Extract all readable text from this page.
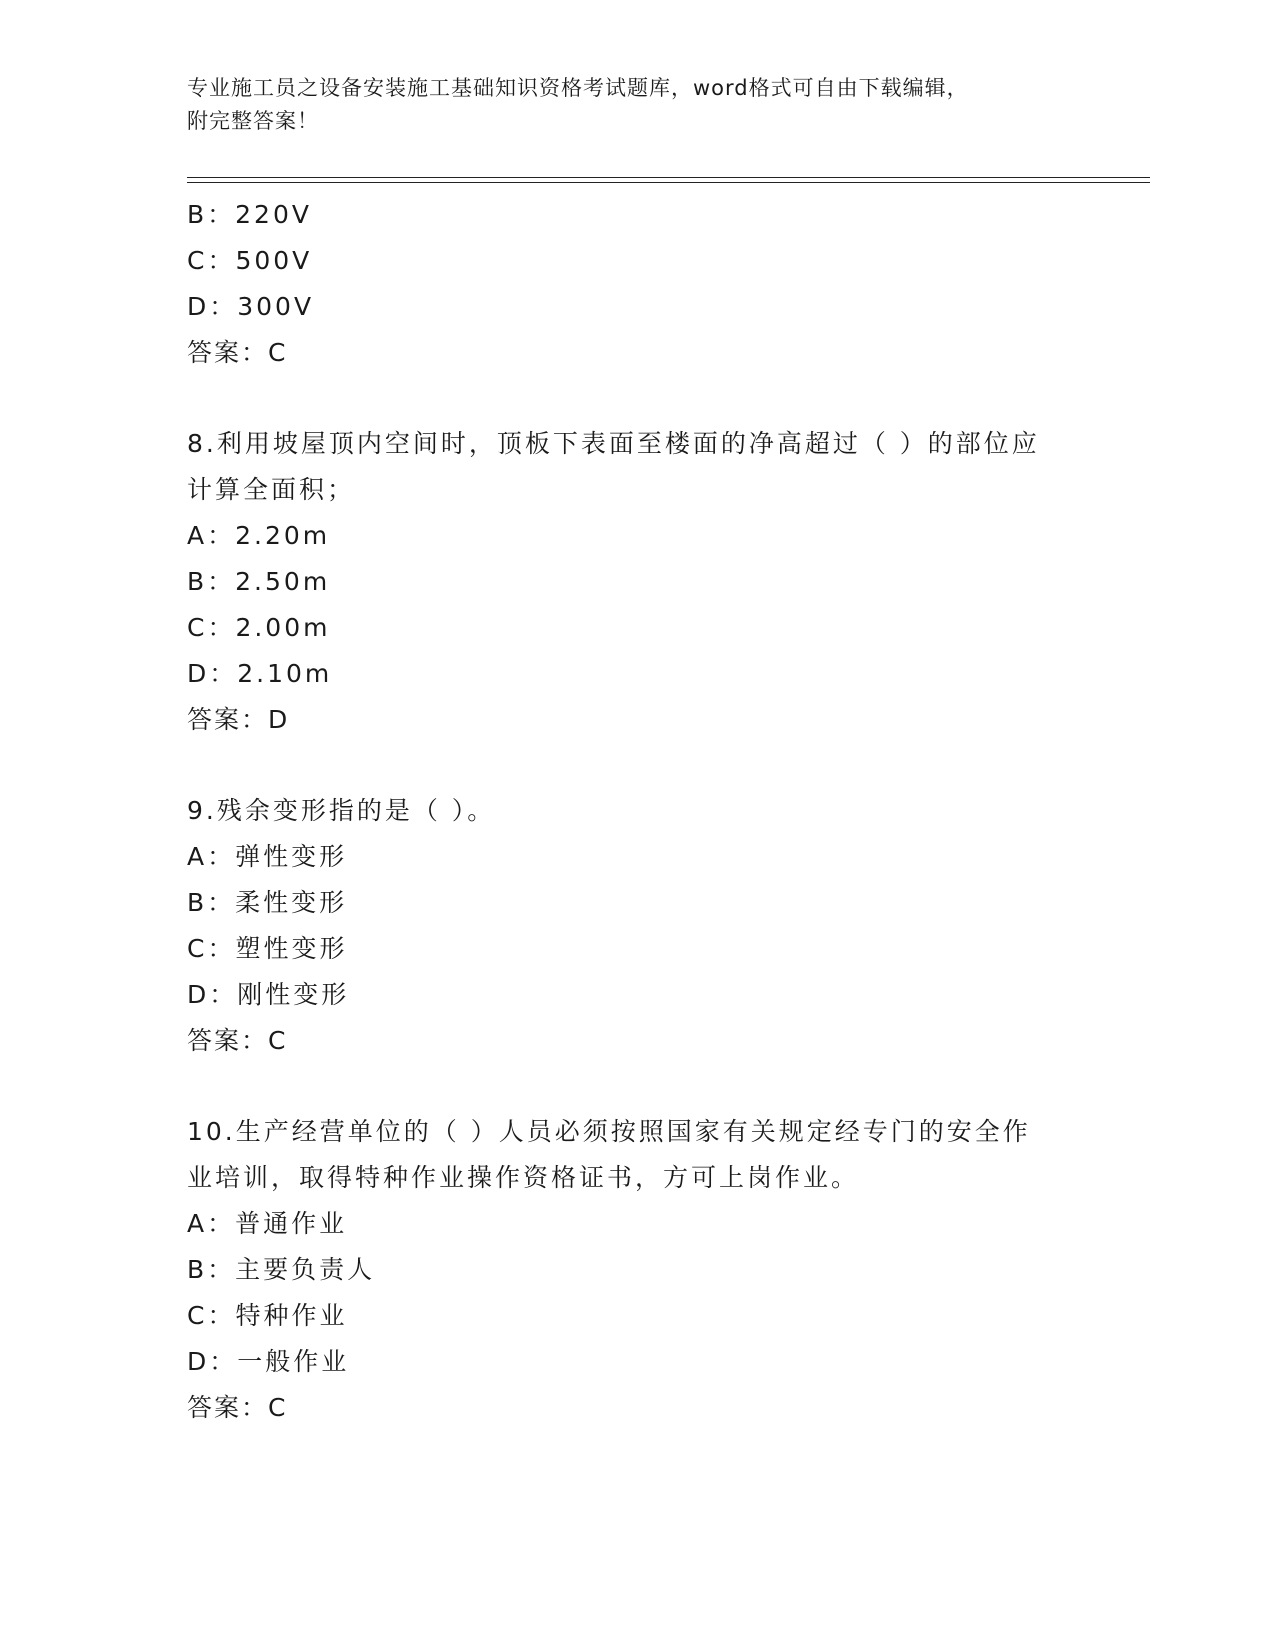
专业施工员之设备安装施工基础知识资格考试题库，word格式可自由下载编辑，
附完整答案！
B：220V
C：500V
D：300V
答案：C
8.利用坡屋顶内空间时，顶板下表面至楼面的净高超过（ ）的部位应
计算全面积；
A：2.20m
B：2.50m
C：2.00m
D：2.10m
答案：D
9.残余变形指的是（ ）。
A：弹性变形
B：柔性变形
C：塑性变形
D：刚性变形
答案：C
10.生产经营单位的（ ）人员必须按照国家有关规定经专门的安全作
业培训，取得特种作业操作资格证书，方可上岗作业。
A：普通作业
B：主要负责人
C：特种作业
D：一般作业
答案：C
